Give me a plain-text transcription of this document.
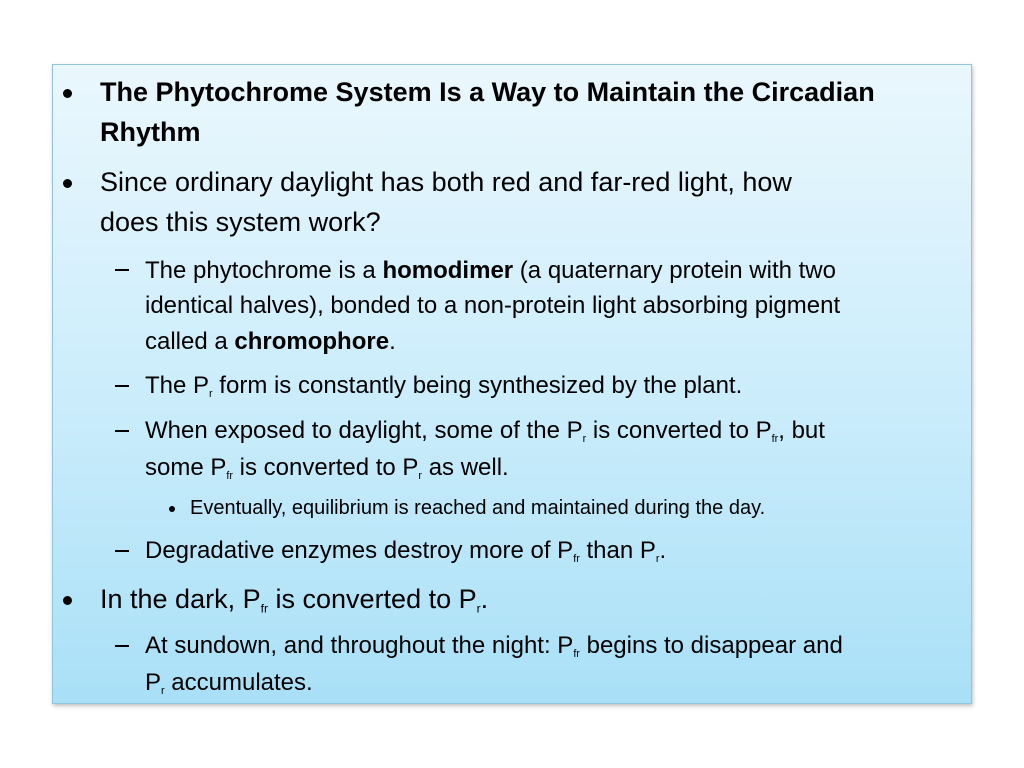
The Phytochrome System Is a Way to Maintain the Circadian
Rhythm
Since ordinary daylight has both red and far-red light, how
does this system work?
The phytochrome is a homodimer (a quaternary protein with two
identical halves), bonded to a non-protein light absorbing pigment
called a chromophore.
The $P_r$ form is constantly being synthesized by the plant.
When exposed to daylight, some of the $P_r$ is converted to $P_{fr}$, but
some $P_{fr}$ is converted to $P_r$ as well.
Eventually, equilibrium is reached and maintained during the day.
Degradative enzymes destroy more of $P_{fr}$ than $P_r$.
In the dark, $P_{fr}$ is converted to $P_r$.
At sundown, and throughout the night: $P_{fr}$ begins to disappear and
$P_r$ accumulates.
